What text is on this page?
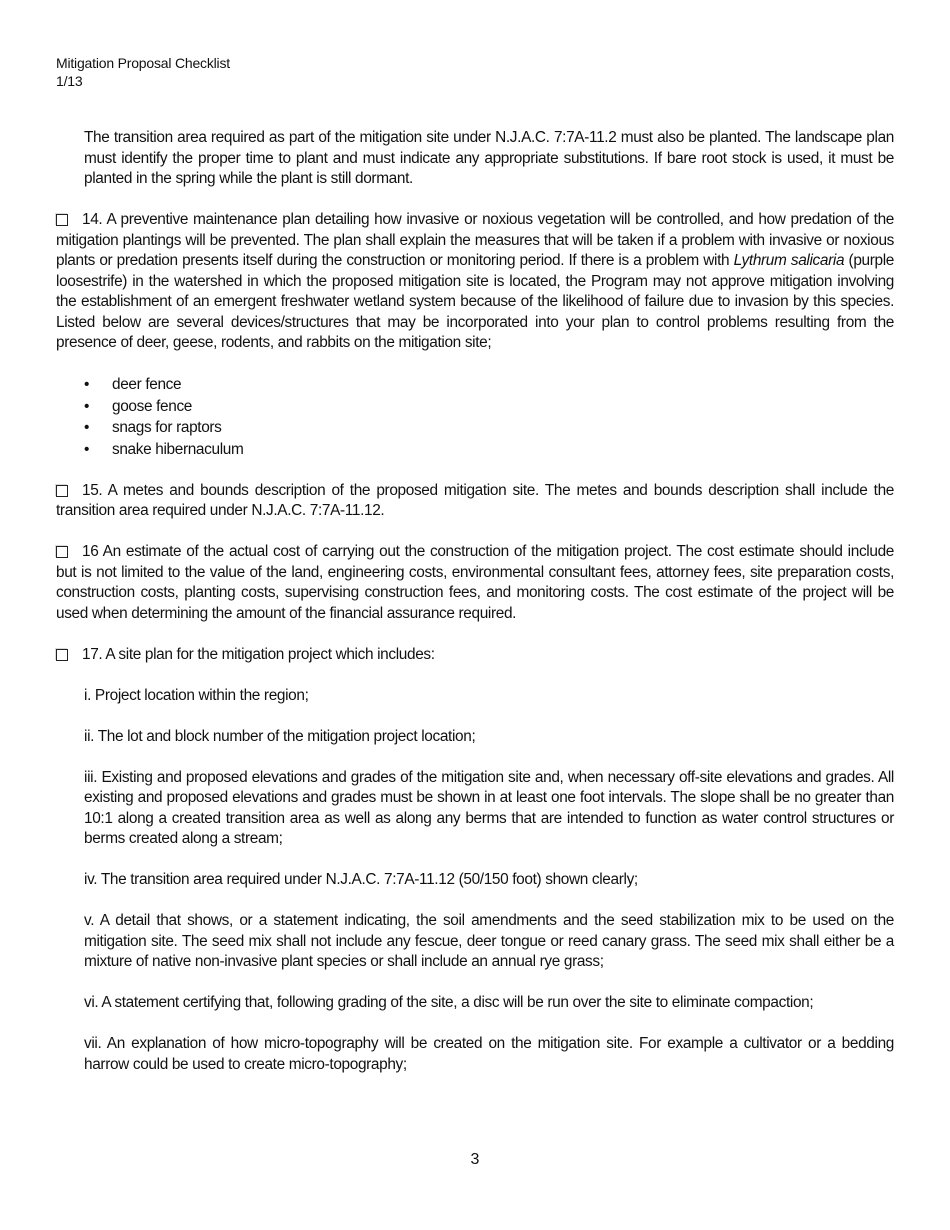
Mitigation Proposal Checklist
1/13

The transition area required as part of the mitigation site under N.J.A.C. 7:7A-11.2 must also be planted. The landscape plan must identify the proper time to plant and must indicate any appropriate substitutions. If bare root stock is used, it must be planted in the spring while the plant is still dormant.

14. A preventive maintenance plan detailing how invasive or noxious vegetation will be controlled, and how predation of the mitigation plantings will be prevented. The plan shall explain the measures that will be taken if a problem with invasive or noxious plants or predation presents itself during the construction or monitoring period. If there is a problem with Lythrum salicaria (purple loosestrife) in the watershed in which the proposed mitigation site is located, the Program may not approve mitigation involving the establishment of an emergent freshwater wetland system because of the likelihood of failure due to invasion by this species. Listed below are several devices/structures that may be incorporated into your plan to control problems resulting from the presence of deer, geese, rodents, and rabbits on the mitigation site;

• deer fence
• goose fence
• snags for raptors
• snake hibernaculum

15. A metes and bounds description of the proposed mitigation site. The metes and bounds description shall include the transition area required under N.J.A.C. 7:7A-11.12.

16 An estimate of the actual cost of carrying out the construction of the mitigation project. The cost estimate should include but is not limited to the value of the land, engineering costs, environmental consultant fees, attorney fees, site preparation costs, construction costs, planting costs, supervising construction fees, and monitoring costs. The cost estimate of the project will be used when determining the amount of the financial assurance required.

17. A site plan for the mitigation project which includes:

i. Project location within the region;

ii. The lot and block number of the mitigation project location;

iii. Existing and proposed elevations and grades of the mitigation site and, when necessary off-site elevations and grades. All existing and proposed elevations and grades must be shown in at least one foot intervals. The slope shall be no greater than 10:1 along a created transition area as well as along any berms that are intended to function as water control structures or berms created along a stream;

iv. The transition area required under N.J.A.C. 7:7A-11.12 (50/150 foot) shown clearly;

v. A detail that shows, or a statement indicating, the soil amendments and the seed stabilization mix to be used on the mitigation site. The seed mix shall not include any fescue, deer tongue or reed canary grass. The seed mix shall either be a mixture of native non-invasive plant species or shall include an annual rye grass;

vi. A statement certifying that, following grading of the site, a disc will be run over the site to eliminate compaction;

vii. An explanation of how micro-topography will be created on the mitigation site. For example a cultivator or a bedding harrow could be used to create micro-topography;

3
